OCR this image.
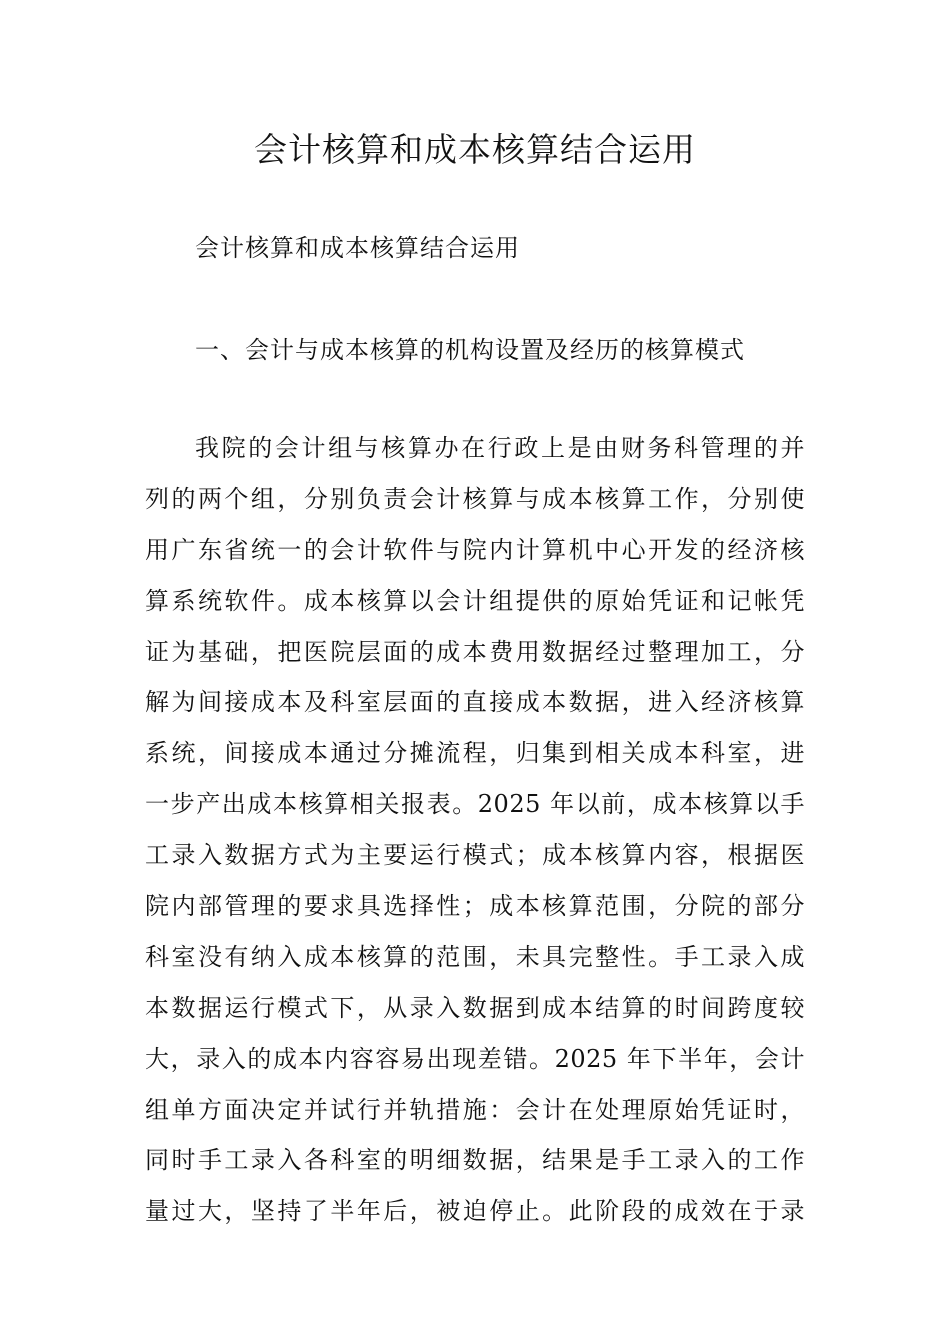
会计核算和成本核算结合运用
会计核算和成本核算结合运用
一、会计与成本核算的机构设置及经历的核算模式
我院的会计组与核算办在行政上是由财务科管理的并
列的两个组，分别负责会计核算与成本核算工作，分别使
用广东省统一的会计软件与院内计算机中心开发的经济核
算系统软件。成本核算以会计组提供的原始凭证和记帐凭
证为基础，把医院层面的成本费用数据经过整理加工，分
解为间接成本及科室层面的直接成本数据，进入经济核算
系统，间接成本通过分摊流程，归集到相关成本科室，进
一步产出成本核算相关报表。2025 年以前，成本核算以手
工录入数据方式为主要运行模式；成本核算内容，根据医
院内部管理的要求具选择性；成本核算范围，分院的部分
科室没有纳入成本核算的范围，未具完整性。手工录入成
本数据运行模式下，从录入数据到成本结算的时间跨度较
大，录入的成本内容容易出现差错。2025 年下半年，会计
组单方面决定并试行并轨措施：会计在处理原始凭证时，
同时手工录入各科室的明细数据，结果是手工录入的工作
量过大，坚持了半年后，被迫停止。此阶段的成效在于录
